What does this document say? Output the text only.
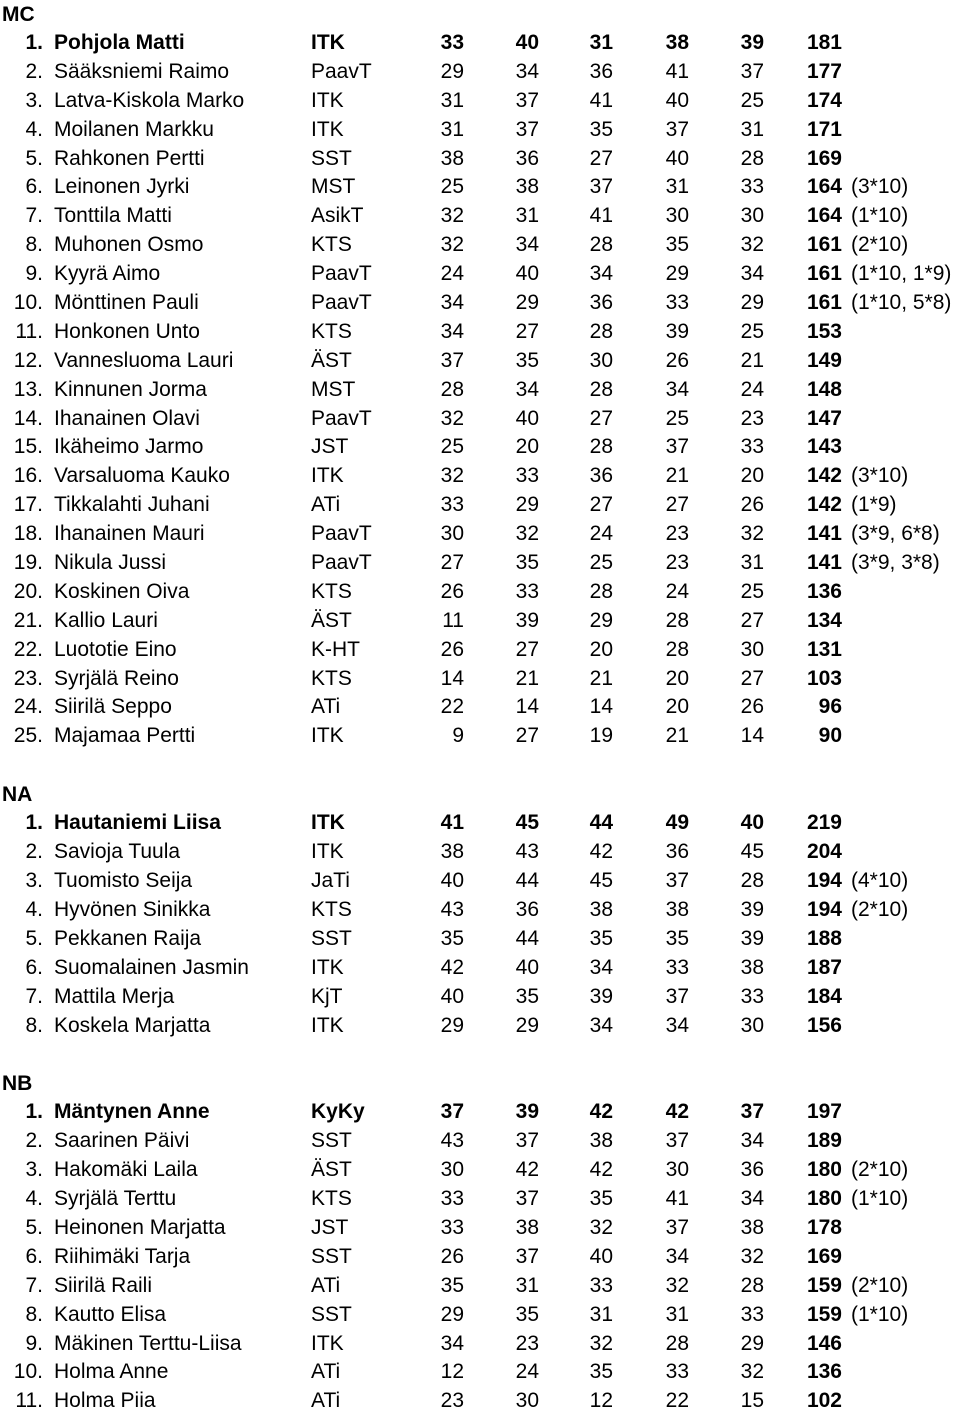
MC
1. Pohjola Matti	ITK	33 40 31	38 39 181
2. Sääksniemi Raimo	PaavT	29 34 36	41 37 177
3. Latva-Kiskola Marko	ITK	31 37 41	40 25 174
4. Moilanen Markku	ITK	31 37 35	37 31 171
5. Rahkonen Pertti	SST	38 36 27	40 28 169
6. Leinonen Jyrki	MST	25 38 37	31 33 164 (3*10)
7. Tonttila Matti	AsikT	32 31 41	30 30 164 (1*10)
8. Muhonen Osmo	KTS	32 34 28	35 32 161 (2*10)
9. Kyyrä Aimo	PaavT	24 40 34	29 34 161 (1*10, 1*9)
10. Mönttinen Pauli	PaavT	34 29 36	33 29 161 (1*10, 5*8)
11. Honkonen Unto	KTS	34 27 28	39 25 153
12. Vannesluoma Lauri	ÄST	37 35 30	26 21 149
13. Kinnunen Jorma	MST	28 34 28	34 24 148
14. Ihanainen Olavi	PaavT	32 40 27	25 23 147
15. Ikäheimo Jarmo	JST	25 20 28	37 33 143
16. Varsaluoma Kauko	ITK	32 33 36	21 20 142 (3*10)
17. Tikkalahti Juhani	ATi	33 29 27	27 26 142 (1*9)
18. Ihanainen Mauri	PaavT	30 32 24	23 32 141 (3*9, 6*8)
19. Nikula Jussi	PaavT	27 35 25	23 31 141 (3*9, 3*8)
20. Koskinen Oiva	KTS	26 33 28	24 25 136
21. Kallio Lauri	ÄST	11 39 29	28 27 134
22. Luototie Eino	K-HT	26 27 20	28 30 131
23. Syrjälä Reino	KTS	14 21 21	20 27 103
24. Siirilä Seppo	ATi	22 14 14	20 26	96
25. Majamaa Pertti	ITK	9 27 19	21 14	90
NA
1. Hautaniemi Liisa	ITK	41 45 44	49 40 219
2. Savioja Tuula	ITK	38 43 42	36 45 204
3. Tuomisto Seija	JaTi	40 44 45	37 28 194 (4*10)
4. Hyvönen Sinikka	KTS	43 36 38	38 39 194 (2*10)
5. Pekkanen Raija	SST	35 44 35	35 39 188
6. Suomalainen Jasmin	ITK	42 40 34	33 38 187
7. Mattila Merja	KjT	40 35 39	37 33 184
8. Koskela Marjatta	ITK	29 29 34	34 30 156
NB
1. Mäntynen Anne	KyKy	37 39 42	42 37 197
2. Saarinen Päivi	SST	43 37 38	37 34 189
3. Hakomäki Laila	ÄST	30 42 42	30 36 180 (2*10)
4. Syrjälä Terttu	KTS	33 37 35	41 34 180 (1*10)
5. Heinonen Marjatta	JST	33 38 32	37 38 178
6. Riihimäki Tarja	SST	26 37 40	34 32 169
7. Siirilä Raili	ATi	35 31 33	32 28 159 (2*10)
8. Kautto Elisa	SST	29 35 31	31 33 159 (1*10)
9. Mäkinen Terttu-Liisa	ITK	34 23 32	28 29 146
10. Holma Anne	ATi	12 24 35	33 32 136
11. Holma Piia	ATi	23 30 12	22 15 102
